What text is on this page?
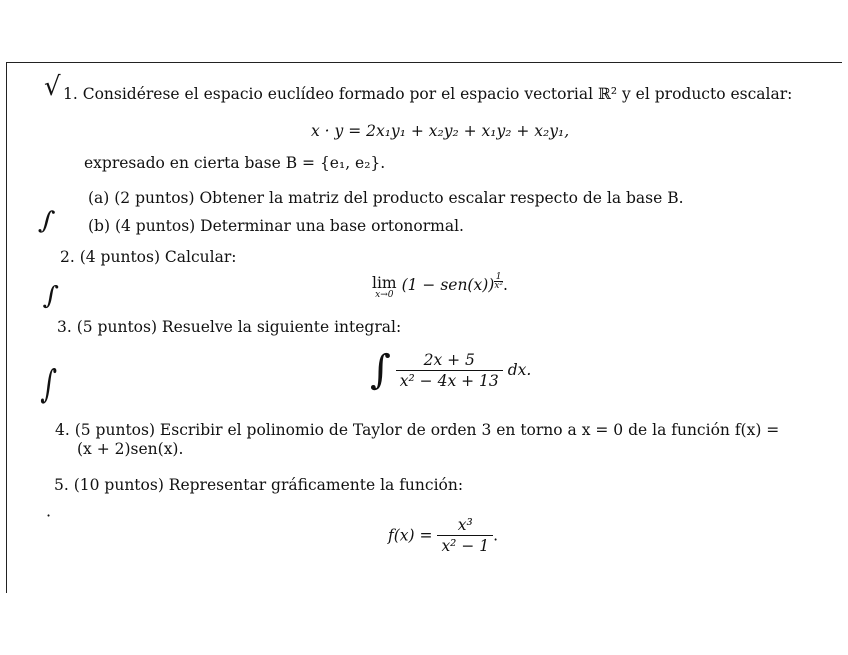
√
∫
∫
∫
·
1. Considérese el espacio euclídeo formado por el espacio vectorial ℝ² y el producto escalar:
x · y = 2x₁y₁ + x₂y₂ + x₁y₂ + x₂y₁,
expresado en cierta base B = {e₁, e₂}.
(a) (2 puntos) Obtener la matriz del producto escalar respecto de la base B.
(b) (4 puntos) Determinar una base ortonormal.
2. (4 puntos) Calcular:
lim
x→0
$(1 - sen(x)) \frac{1}{\text{x²}}$ .
3. (5 puntos) Resuelve la siguiente integral:
∫ $\frac{2x + 5}{\text{x² − 4x + 13}}$ dx.
4. (5 puntos) Escribir el polinomio de Taylor de orden 3 en torno a x = 0 de la función f(x) =
(x + 2)sen(x).
5. (10 puntos) Representar gráficamente la función:
$f(x) = \frac{\text{x³}}{\text{x² − 1}}$ .
